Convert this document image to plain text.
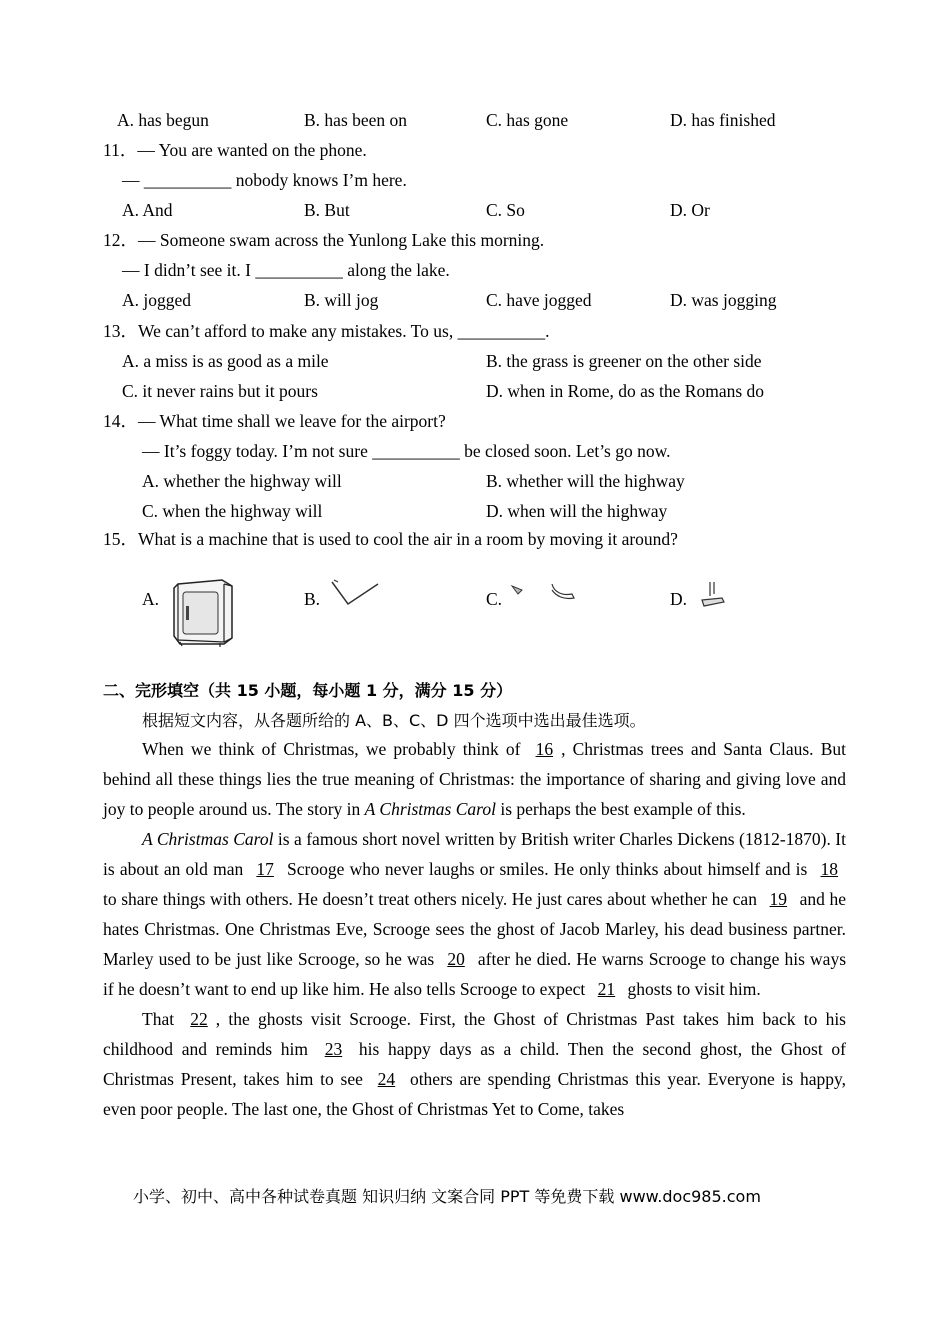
A. has begun	B. has been on	C. has gone	D. has finished
11．— You are wanted on the phone.
— __________ nobody knows I’m here.
A. And	B. But	C. So	D. Or
12．— Someone swam across the Yunlong Lake this morning.
— I didn’t see it. I __________ along the lake.
A. jogged	B. will jog	C. have jogged	D. was jogging
13．We can’t afford to make any mistakes. To us, __________.
A. a miss is as good as a mile	B. the grass is greener on the other side
C. it never rains but it pours	D. when in Rome, do as the Romans do
14．— What time shall we leave for the airport?
— It’s foggy today. I’m not sure __________ be closed soon. Let’s go now.
A. whether the highway will	B. whether will the highway
C. when the highway will	D. when will the highway
15．What is a machine that is used to cool the air in a room by moving it around?
A.	B.	C.	D.
二、完形填空（共 15 小题，每小题 1 分，满分 15 分）
根据短文内容，从各题所给的 A、B、C、D 四个选项中选出最佳选项。
When we think of Christmas, we probably think of 16 , Christmas trees and Santa Claus. But behind all these things lies the true meaning of Christmas: the importance of sharing and giving love and joy to people around us. The story in A Christmas Carol is perhaps the best example of this.
A Christmas Carol is a famous short novel written by British writer Charles Dickens (1812-1870). It is about an old man 17 Scrooge who never laughs or smiles. He only thinks about himself and is 18 to share things with others. He doesn’t treat others nicely. He just cares about whether he can 19 and he hates Christmas. One Christmas Eve, Scrooge sees the ghost of Jacob Marley, his dead business partner. Marley used to be just like Scrooge, so he was 20 after he died. He warns Scrooge to change his ways if he doesn’t want to end up like him. He also tells Scrooge to expect 21 ghosts to visit him.
That 22 , the ghosts visit Scrooge. First, the Ghost of Christmas Past takes him back to his childhood and reminds him 23 his happy days as a child. Then the second ghost, the Ghost of Christmas Present, takes him to see 24 others are spending Christmas this year. Everyone is happy, even poor people. The last one, the Ghost of Christmas Yet to Come, takes
小学、初中、高中各种试卷真题 知识归纳 文案合同 PPT 等免费下载 www.doc985.com
